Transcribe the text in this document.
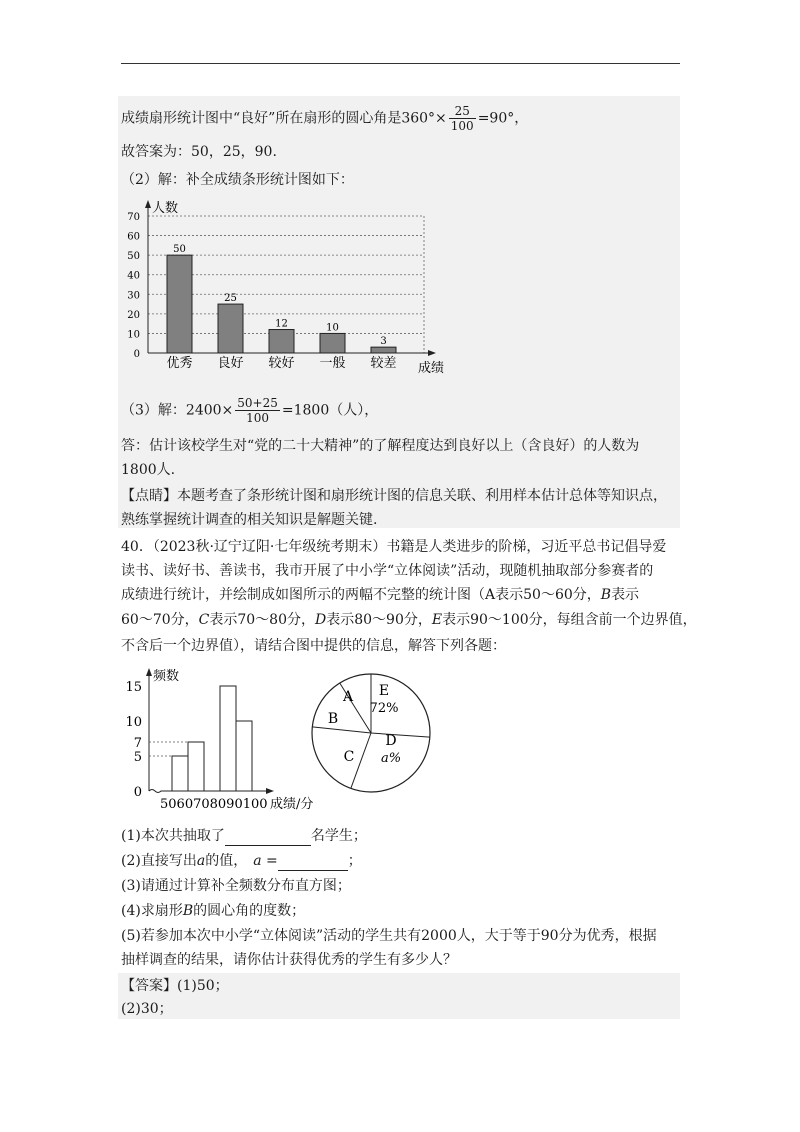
成绩扇形统计图中“良好”所在扇形的圆心角是$360^\circ\times \frac{25}{100} =90^\circ$，
故答案为：50，25，90.
（2）解：补全成绩条形统计图如下：
0
10
20
30
40
50
60
70
人数
成绩
50
优秀
25
良好
12
较好
10
一般
3
较差
（3）解：$2400\times \frac{50+25}{100} =1800$（人），
答：估计该校学生对“党的二十大精神”的了解程度达到良好以上（含良好）的人数为
1800人.
【点睛】本题考查了条形统计图和扇形统计图的信息关联、利用样本估计总体等知识点，
熟练掌握统计调查的相关知识是解题关键.
40．（2023秋·辽宁辽阳·七年级统考期末）书籍是人类进步的阶梯，习近平总书记倡导爱
读书、读好书、善读书，我市开展了中小学“立体阅读”活动，现随机抽取部分参赛者的
成绩进行统计，并绘制成如图所示的两幅不完整的统计图（A表示50～60分，B表示
60～70分，C表示70～80分，D表示80～90分，E表示90～100分，每组含前一个边界值，
不含后一个边界值），请结合图中提供的信息，解答下列各题：
频数
0
5
7
10
15
5060708090100 成绩/分
A
B
C
D
a%
E
72%
(1)本次共抽取了	名学生；
(2)直接写出a的值， a =	；
(3)请通过计算补全频数分布直方图；
(4)求扇形B的圆心角的度数；
(5)若参加本次中小学“立体阅读”活动的学生共有2000人，大于等于90分为优秀，根据
抽样调查的结果，请你估计获得优秀的学生有多少人？
【答案】(1)50；
(2)30；
